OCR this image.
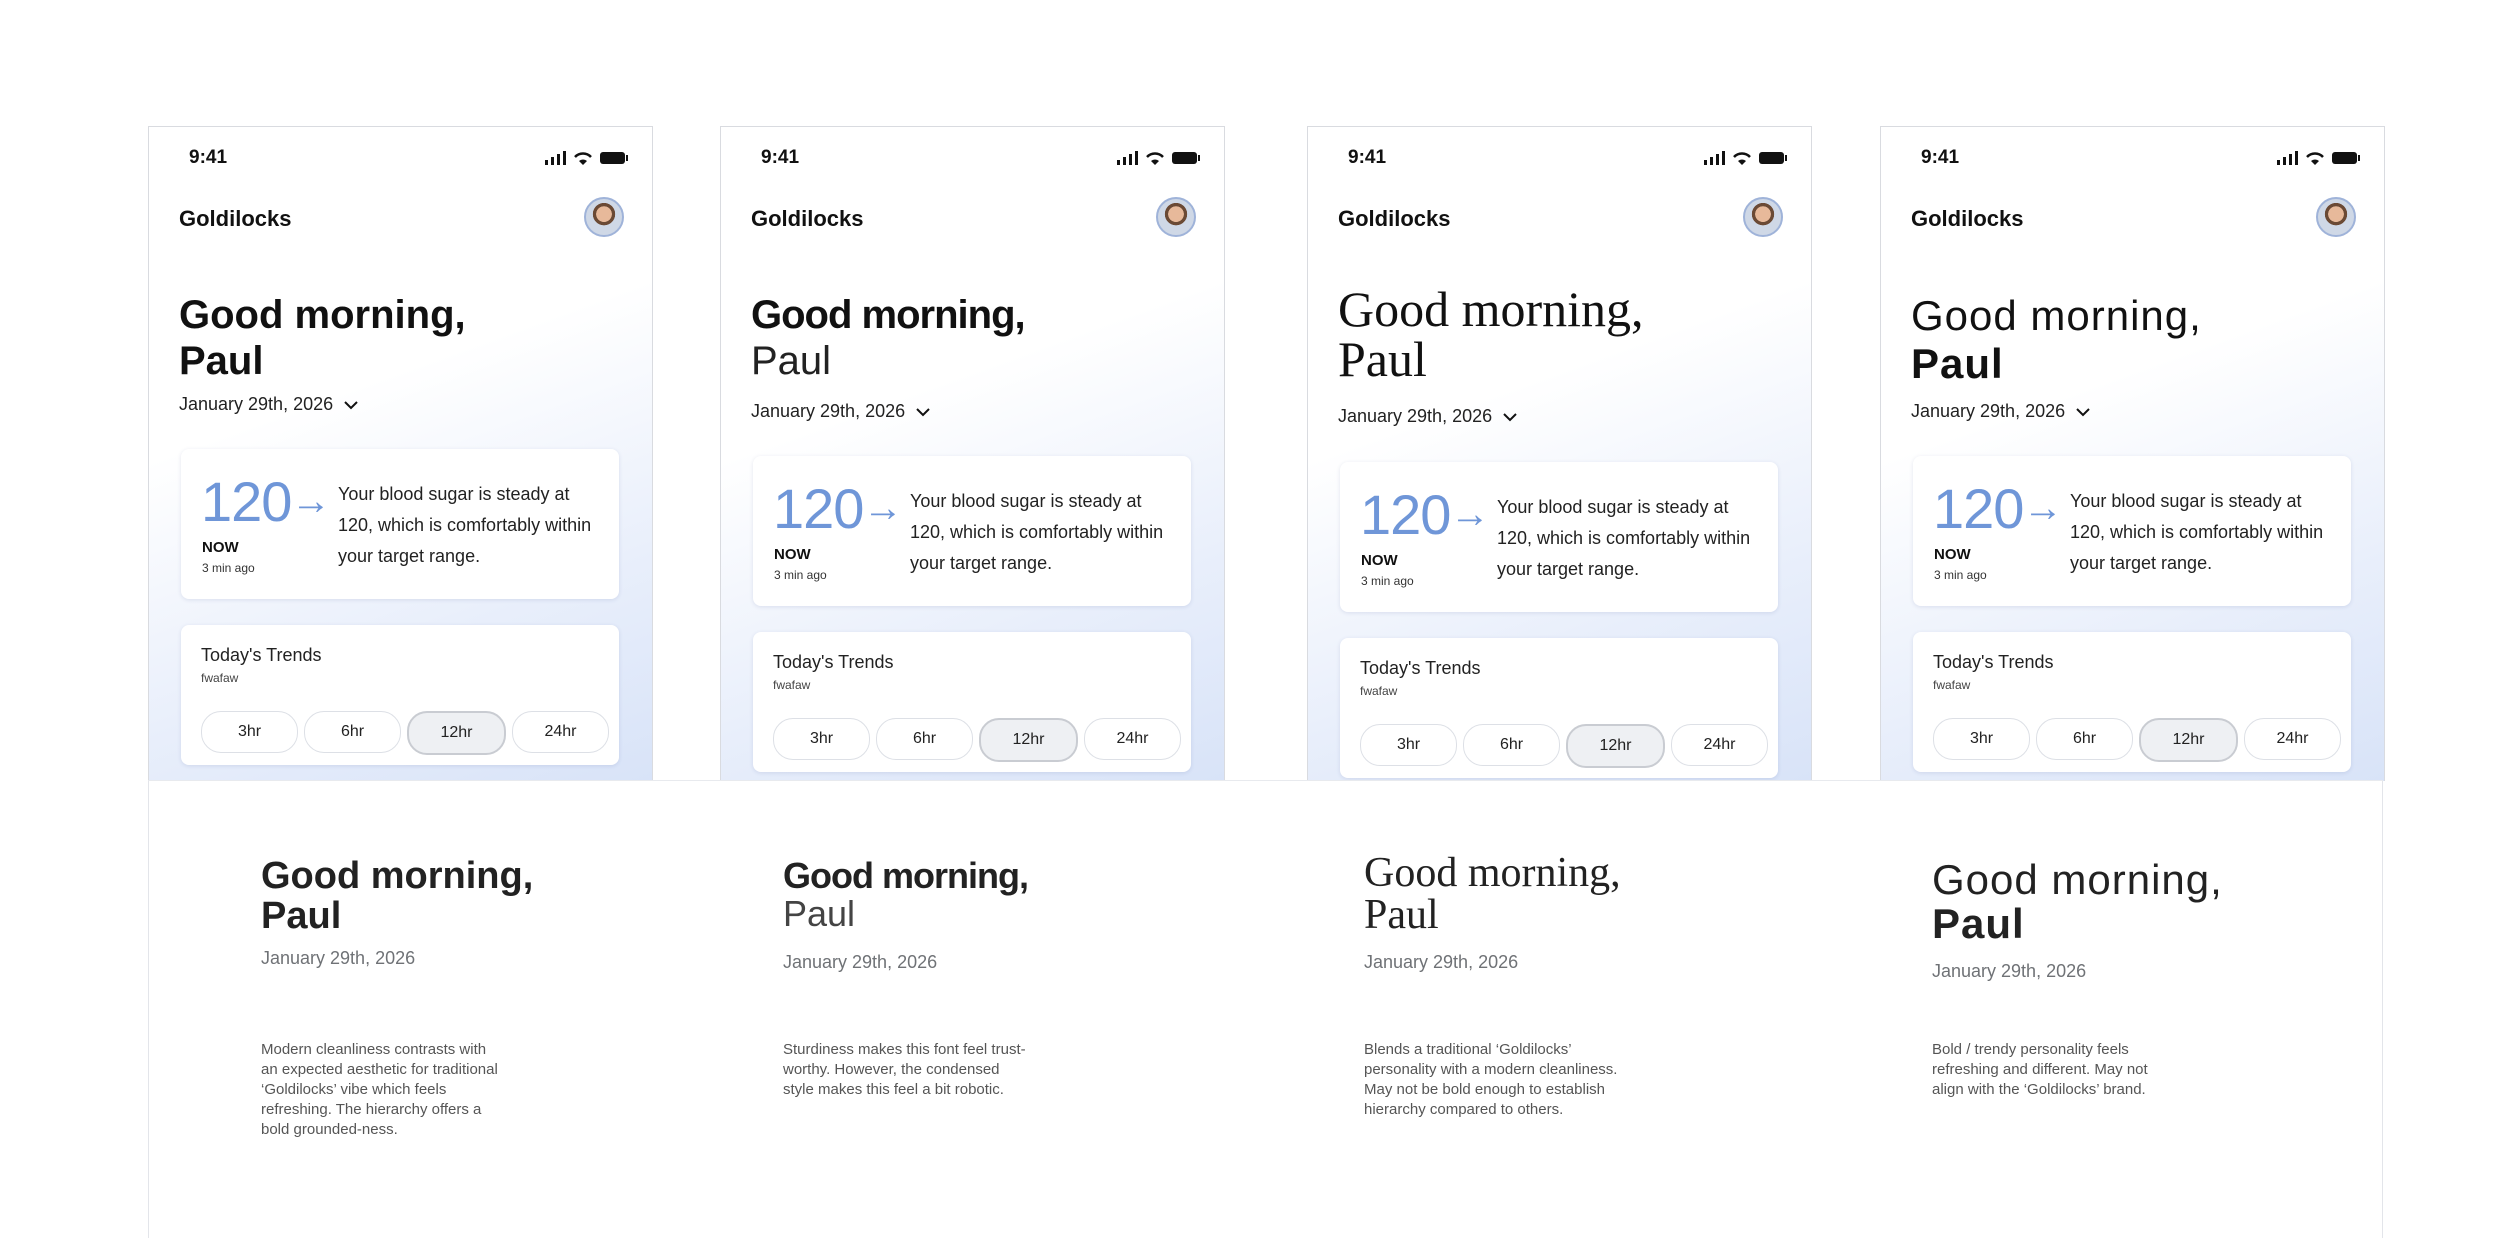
9:41
Goldilocks
Good morning,
Paul
January 29th, 2026
120 →
NOW
3 min ago
Your blood sugar is steady at 120, which is comfortably within your target range.
Today's Trends
fwafaw
3hr	6hr	12hr	24hr
9:41
Goldilocks
Good morning,
Paul
January 29th, 2026
120 →
NOW
3 min ago
Your blood sugar is steady at 120, which is comfortably within your target range.
Today's Trends
fwafaw
3hr	6hr	12hr	24hr
9:41
Goldilocks
Good morning,
Paul
January 29th, 2026
120 →
NOW
3 min ago
Your blood sugar is steady at 120, which is comfortably within your target range.
Today's Trends
fwafaw
3hr	6hr	12hr	24hr
9:41
Goldilocks
Good morning,
Paul
January 29th, 2026
120 →
NOW
3 min ago
Your blood sugar is steady at 120, which is comfortably within your target range.
Today's Trends
fwafaw
3hr	6hr	12hr	24hr
Good morning,
Paul
January 29th, 2026
Modern cleanliness contrasts with
an expected aesthetic for traditional
‘Goldilocks’ vibe which feels
refreshing. The hierarchy offers a
bold grounded-ness.
Good morning,
Paul
January 29th, 2026
Sturdiness makes this font feel trust-
worthy. However, the condensed
style makes this feel a bit robotic.
Good morning,
Paul
January 29th, 2026
Blends a traditional ‘Goldilocks’
personality with a modern cleanliness.
May not be bold enough to establish
hierarchy compared to others.
Good morning,
Paul
January 29th, 2026
Bold / trendy personality feels
refreshing and different. May not
align with the ‘Goldilocks’ brand.
